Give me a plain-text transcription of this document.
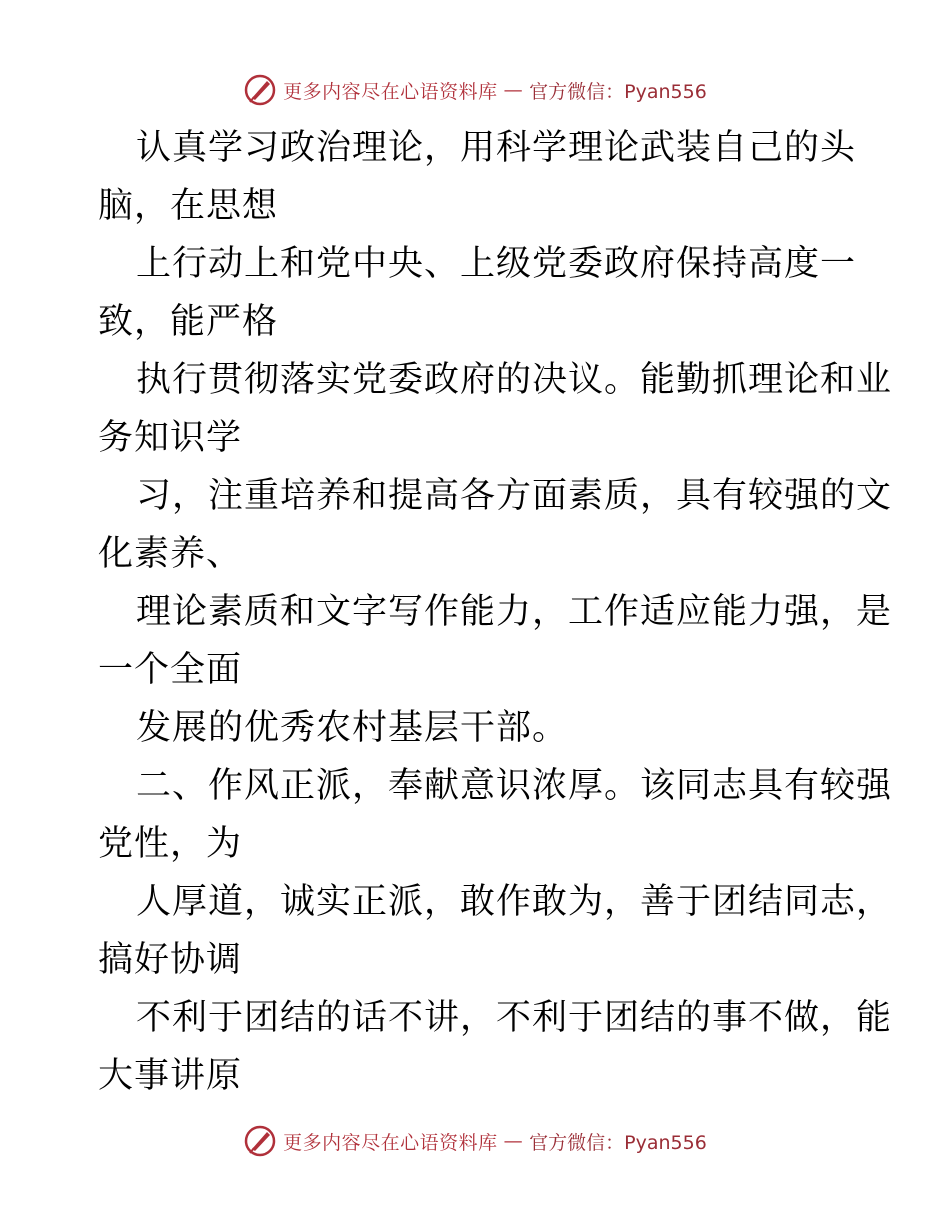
更多内容尽在心语资料库 — 官方微信：Pyan556
认真学习政治理论，用科学理论武装自己的头
脑，在思想
上行动上和党中央、上级党委政府保持高度一
致，能严格
执行贯彻落实党委政府的决议。能勤抓理论和业
务知识学
习，注重培养和提高各方面素质，具有较强的文
化素养、
理论素质和文字写作能力，工作适应能力强，是
一个全面
发展的优秀农村基层干部。
二、作风正派，奉献意识浓厚。该同志具有较强
党性，为
人厚道，诚实正派，敢作敢为，善于团结同志，
搞好协调
不利于团结的话不讲，不利于团结的事不做，能
大事讲原
更多内容尽在心语资料库 — 官方微信：Pyan556
